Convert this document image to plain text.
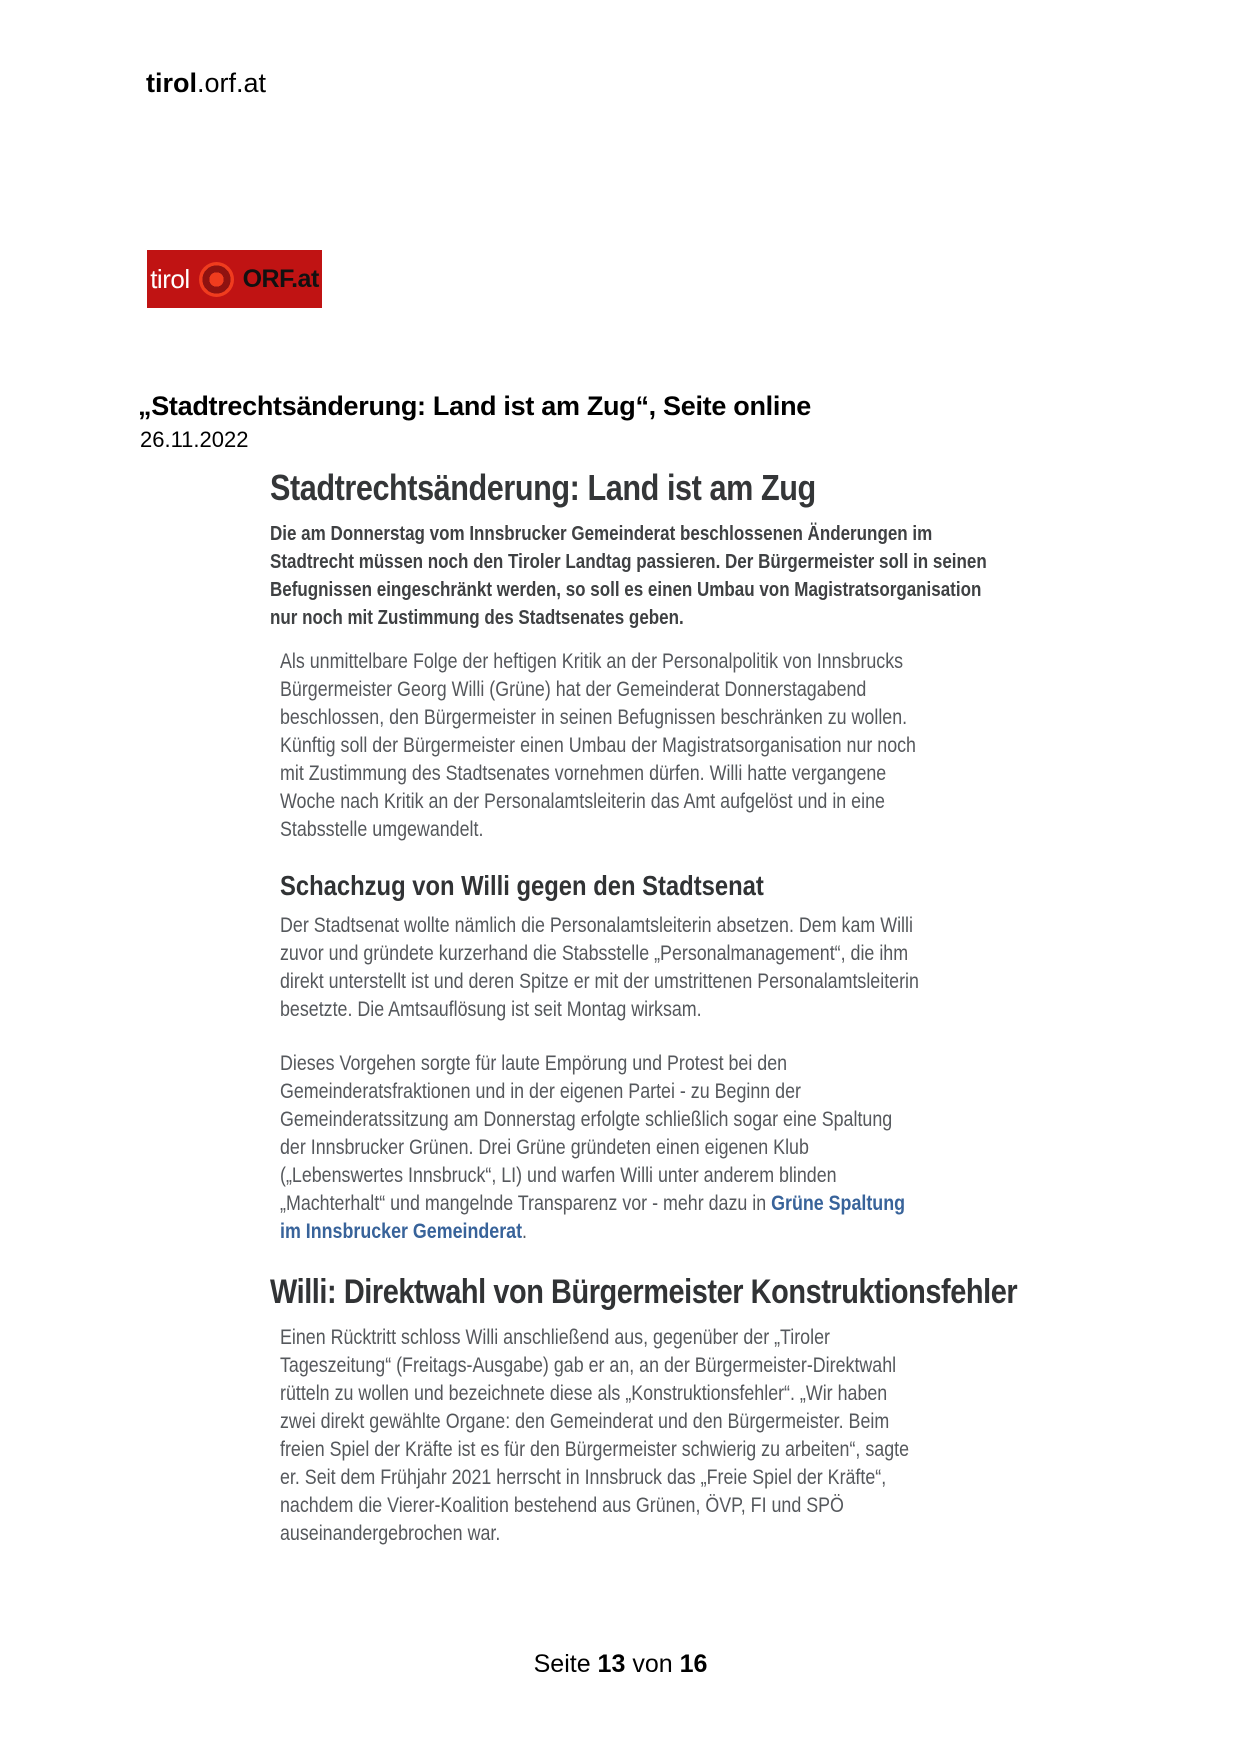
tirol.orf.at
tirol ORF.at
„Stadtrechtsänderung: Land ist am Zug“, Seite online
26.11.2022
Stadtrechtsänderung: Land ist am Zug
Die am Donnerstag vom Innsbrucker Gemeinderat beschlossenen Änderungen im Stadtrecht müssen noch den Tiroler Landtag passieren. Der Bürgermeister soll in seinen Befugnissen eingeschränkt werden, so soll es einen Umbau von Magistratsorganisation nur noch mit Zustimmung des Stadtsenates geben.
Als unmittelbare Folge der heftigen Kritik an der Personalpolitik von Innsbrucks Bürgermeister Georg Willi (Grüne) hat der Gemeinderat Donnerstagabend beschlossen, den Bürgermeister in seinen Befugnissen beschränken zu wollen. Künftig soll der Bürgermeister einen Umbau der Magistratsorganisation nur noch mit Zustimmung des Stadtsenates vornehmen dürfen. Willi hatte vergangene Woche nach Kritik an der Personalamtsleiterin das Amt aufgelöst und in eine Stabsstelle umgewandelt.
Schachzug von Willi gegen den Stadtsenat
Der Stadtsenat wollte nämlich die Personalamtsleiterin absetzen. Dem kam Willi zuvor und gründete kurzerhand die Stabsstelle „Personalmanagement“, die ihm direkt unterstellt ist und deren Spitze er mit der umstrittenen Personalamtsleiterin besetzte. Die Amtsauflösung ist seit Montag wirksam.
Dieses Vorgehen sorgte für laute Empörung und Protest bei den Gemeinderatsfraktionen und in der eigenen Partei - zu Beginn der Gemeinderatssitzung am Donnerstag erfolgte schließlich sogar eine Spaltung der Innsbrucker Grünen. Drei Grüne gründeten einen eigenen Klub („Lebenswertes Innsbruck“, LI) und warfen Willi unter anderem blinden „Machterhalt“ und mangelnde Transparenz vor - mehr dazu in Grüne Spaltung im Innsbrucker Gemeinderat.
Willi: Direktwahl von Bürgermeister Konstruktionsfehler
Einen Rücktritt schloss Willi anschließend aus, gegenüber der „Tiroler Tageszeitung“ (Freitags-Ausgabe) gab er an, an der Bürgermeister-Direktwahl rütteln zu wollen und bezeichnete diese als „Konstruktionsfehler“. „Wir haben zwei direkt gewählte Organe: den Gemeinderat und den Bürgermeister. Beim freien Spiel der Kräfte ist es für den Bürgermeister schwierig zu arbeiten“, sagte er. Seit dem Frühjahr 2021 herrscht in Innsbruck das „Freie Spiel der Kräfte“, nachdem die Vierer-Koalition bestehend aus Grünen, ÖVP, FI und SPÖ auseinandergebrochen war.
Seite 13 von 16
